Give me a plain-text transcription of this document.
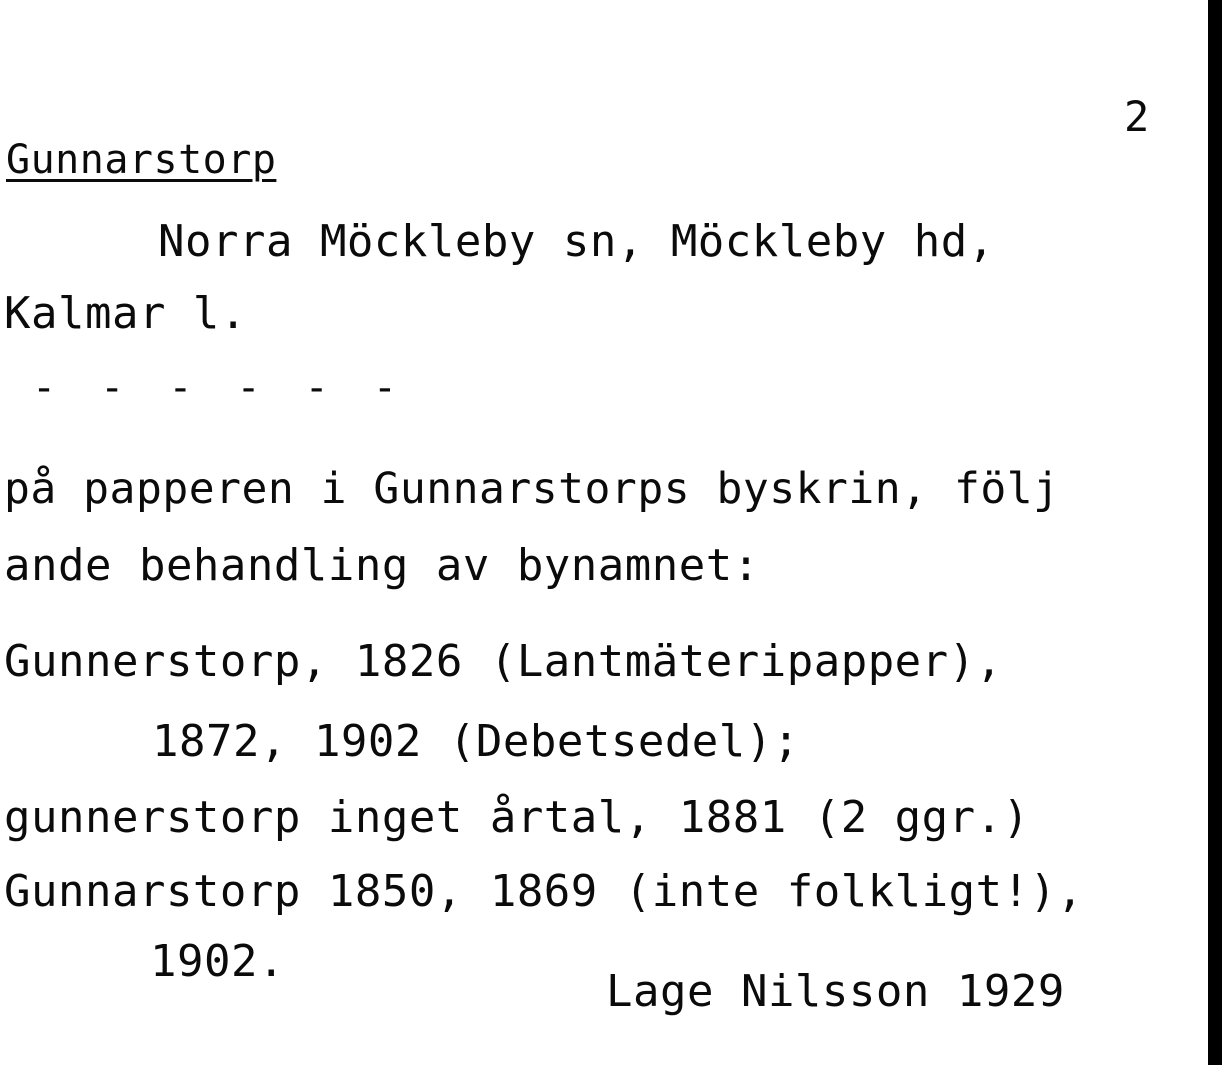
2
Gunnarstorp
Norra Möckleby sn, Möckleby hd,
Kalmar l.
- - - - - -
på papperen i Gunnarstorps byskrin, följ
ande behandling av bynamnet:
Gunnerstorp, 1826 (Lantmäteripapper),
1872, 1902 (Debetsedel);
gunnerstorp inget årtal, 1881 (2 ggr.)
Gunnarstorp 1850, 1869 (inte folkligt!),
1902.
Lage Nilsson 1929
